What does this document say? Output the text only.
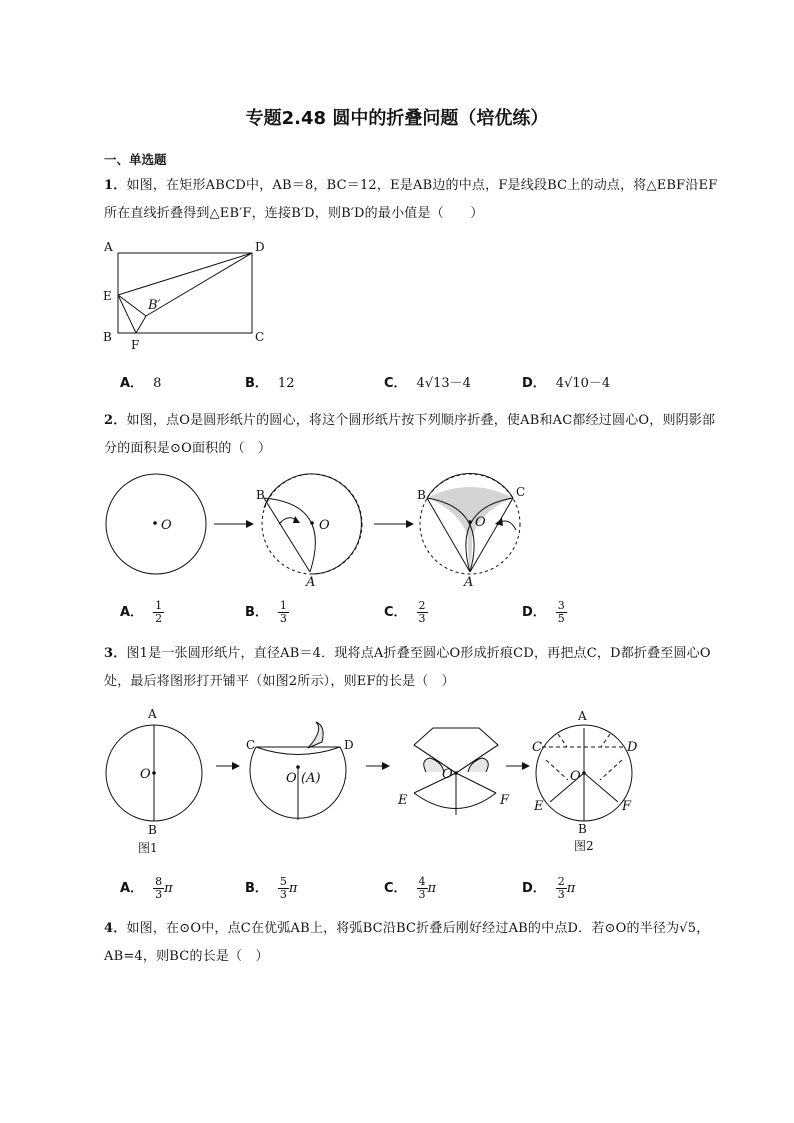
专题2.48 圆中的折叠问题（培优练）
一、单选题
1．如图，在矩形ABCD中，AB＝8，BC＝12，E是AB边的中点，F是线段BC上的动点，将△EBF沿EF所在直线折叠得到△EB′F，连接B′D，则B′D的最小值是（　　）
A	D
E
B′
B
F
C
A． 8	B． 12	C． 4√13－4	D． 4√10－4
2．如图，点O是圆形纸片的圆心，将这个圆形纸片按下列顺序折叠，使AB和AC都经过圆心O，则阴影部分的面积是⊙O面积的（　）
O
B
O
A
B	C
O
A
A． $\frac{1}{2}$	B． $\frac{1}{3}$	C． $\frac{2}{3}$	D． $\frac{3}{5}$
3．图1是一张圆形纸片，直径AB＝4．现将点A折叠至圆心O形成折痕CD，再把点C，D都折叠至圆心O处，最后将图形打开铺平（如图2所示），则EF的长是（　）
A
O
B
图1
C	D
O (A)	O
E	F
A
C	D
O
E	F
B
图2
A． $\frac{8}{3}$ π	B． $\frac{5}{3}$ π	C． $\frac{4}{3}$ π	D． $\frac{2}{3}$ π
4．如图，在⊙O中，点C在优弧AB上，将弧BC沿BC折叠后刚好经过AB的中点D．若⊙O的半径为√5，AB=4，则BC的长是（　）
